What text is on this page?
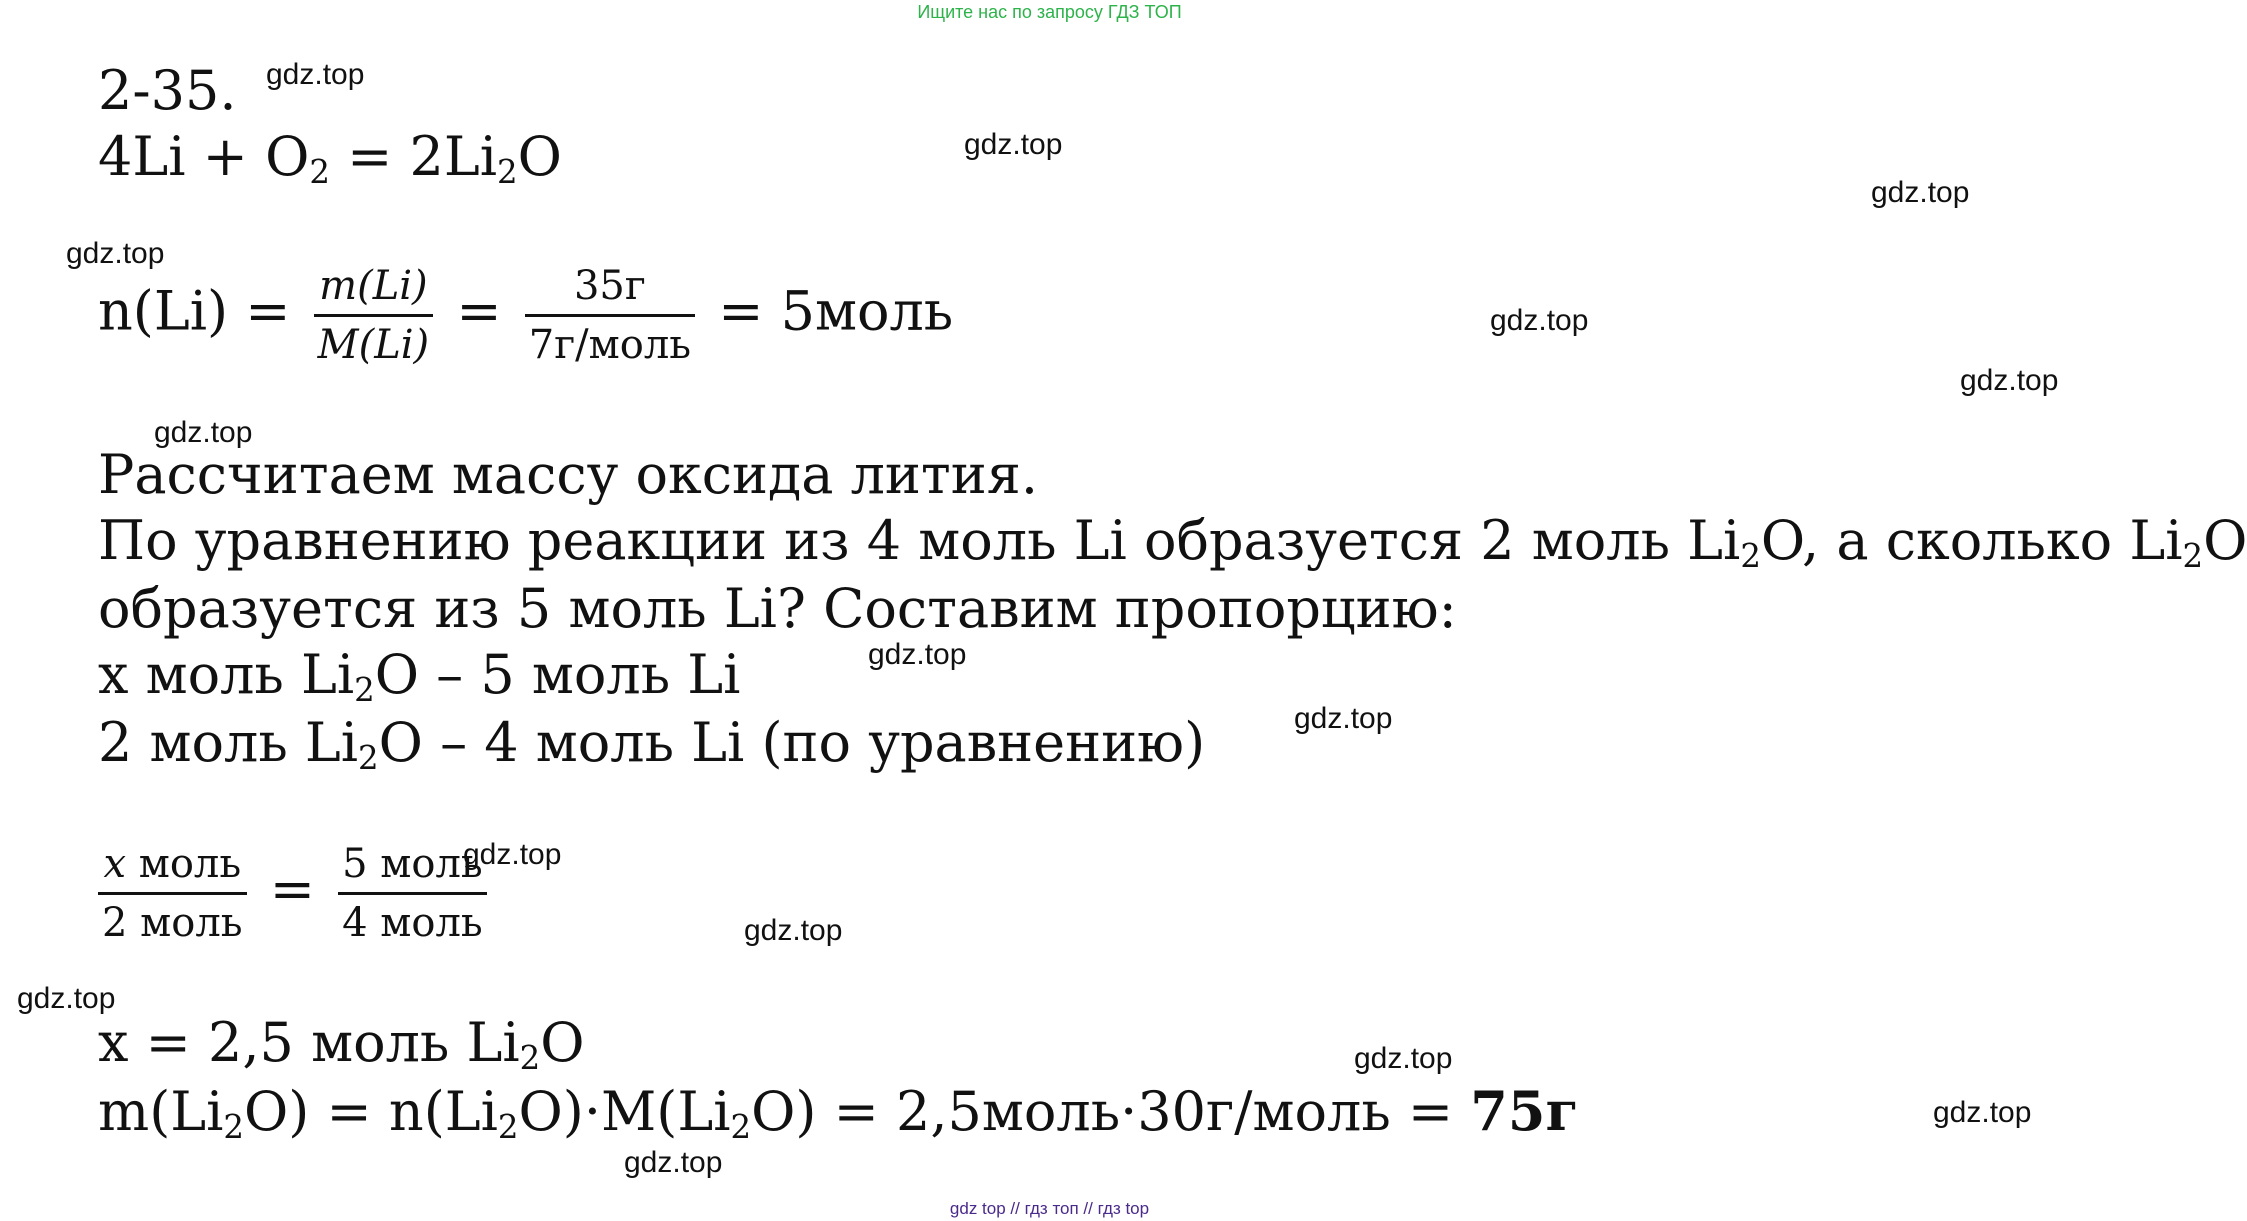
Ищите нас по запросу ГДЗ ТОП
2-35.
$4Li + O_2 = 2Li_2O$
$n(Li) = \frac{m(Li)}{M(Li)} = \frac{35г}{\text{7г/моль}}$ = 5моль
Рассчитаем массу оксида лития.
По уравнению реакции из 4 моль Li образуется 2 моль $Li_2O$, а сколько $Li_2O$
образуется из 5 моль Li? Составим пропорцию:
x моль $Li_2O - 5$ моль Li
2 моль $Li_2O - 4$ моль Li (по уравнению)
$\frac{\text{x моль}}{\text{2 моль}} = \frac{\text{5 моль}}{\text{4 моль}}$
x = 2,5 моль $Li_2O$
$m(Li_2O) = n(Li_2O)\cdot M(Li_2O)$ = 2,5моль·30г/моль = 75г
gdz.top
gdz.top
gdz.top
gdz.top
gdz.top
gdz.top
gdz.top
gdz.top
gdz.top
gdz.top
gdz.top
gdz.top
gdz.top
gdz.top
gdz.top
gdz top // гдз топ // гдз top
